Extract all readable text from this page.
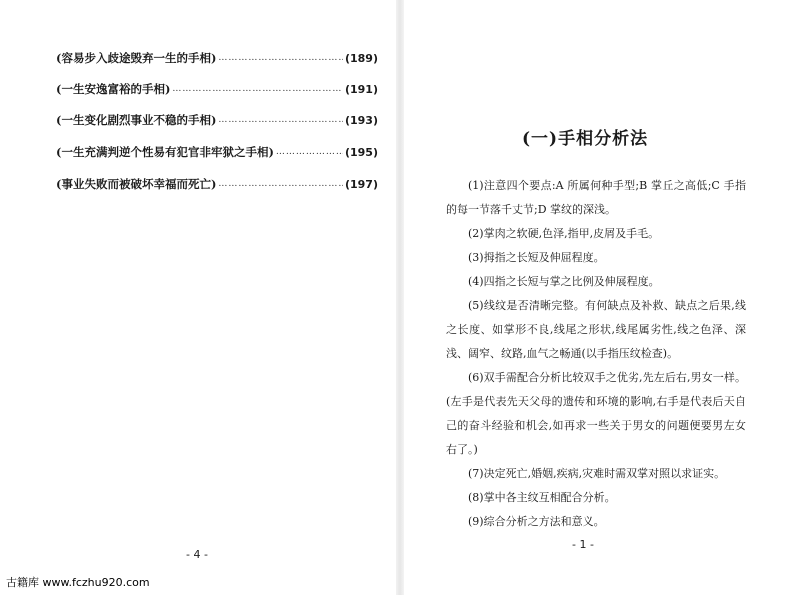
(容易步入歧途毁弃一生的手相) ……………………………………………………………………………………………………………………	(189)
(一生安逸富裕的手相) ……………………………………………………………………………………………………………………	(191)
(一生变化剧烈事业不稳的手相) ……………………………………………………………………………………………………………………	(193)
(一生充满判逆个性易有犯官非牢狱之手相) ……………………………………………………………………………………………………………………	(195)
(事业失败而被破坏幸福而死亡) ……………………………………………………………………………………………………………………	(197)
- 4 -
(一)手相分析法

(1)注意四个要点:A 所属何种手型;B 掌丘之高低;C 手指的每一节落千丈节;D 掌纹的深浅。

(2)掌肉之软硬,色泽,指甲,皮屑及手毛。

(3)拇指之长短及伸屈程度。

(4)四指之长短与掌之比例及伸展程度。

(5)线纹是否清晰完整。有何缺点及补救、缺点之后果,线之长度、如掌形不良,线尾之形状,线尾属劣性,线之色泽、深浅、阔窄、纹路,血气之畅通(以手指压纹检查)。

(6)双手需配合分析比较双手之优劣,先左后右,男女一样。(左手是代表先天父母的遗传和环境的影响,右手是代表后天自己的奋斗经验和机会,如再求一些关于男女的问题便要男左女右了。)

(7)决定死亡,婚姻,疾病,灾难时需双掌对照以求证实。

(8)掌中各主纹互相配合分析。

(9)综合分析之方法和意义。

- 1 -
古籍库 www.fczhu920.com
